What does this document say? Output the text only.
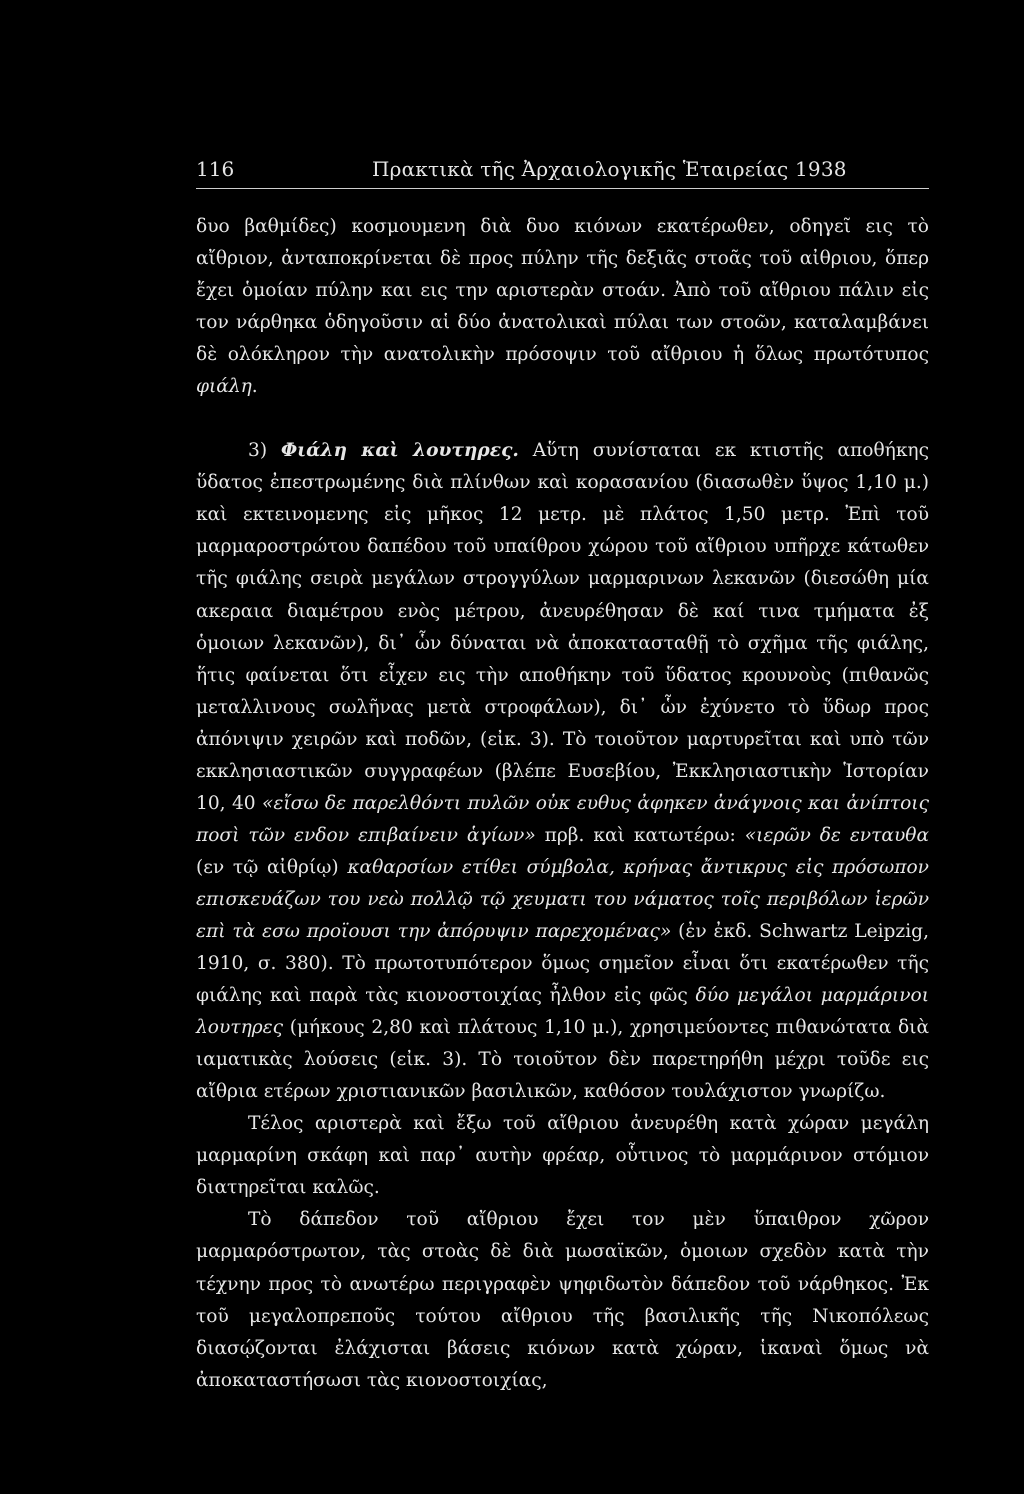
116	Πρακτικὰ τῆς Ἀρχαιολογικῆς Ἑταιρείας 1938

δυο βαθμίδες) κοσμουμενη διὰ δυο κιόνων εκατέρωθεν, οδηγεῖ εις τὸ αἴθριον, ἀνταποκρίνεται δὲ προς πύλην τῆς δεξιᾶς στοᾶς τοῦ αἰθριου, ὅπερ ἔχει ὁμοίαν πύλην και εις την αριστερὰν στοάν. Ἀπὸ τοῦ αἴθριου πάλιν εἰς τον νάρθηκα ὁδηγοῦσιν αἱ δύο ἀνατολικαὶ πύλαι των στοῶν, καταλαμβάνει δὲ ολόκληρον τὴν ανατολικὴν πρόσοψιν τοῦ αἴθριου ἡ ὅλως πρωτότυπος φιάλη.

3) Φιάλη καὶ λουτηρες. Αὕτη συνίσταται εκ κτιστῆς αποθήκης ὕδατος ἐπεστρωμένης διὰ πλίνθων καὶ κορασανίου (διασωθὲν ὕψος 1,10 μ.) καὶ εκτεινομενης εἰς μῆκος 12 μετρ. μὲ πλάτος 1,50 μετρ. Ἐπὶ τοῦ μαρμαροστρώτου δαπέδου τοῦ υπαίθρου χώρου τοῦ αἴθριου υπῆρχε κάτωθεν τῆς φιάλης σειρὰ μεγάλων στρογγύλων μαρμαρινων λεκανῶν (διεσώθη μία ακεραια διαμέτρου ενὸς μέτρου, ἀνευρέθησαν δὲ καί τινα τμήματα ἐξ ὁμοιων λεκανῶν), δι᾽ ὧν δύναται νὰ ἀποκατασταθῇ τὸ σχῆμα τῆς φιάλης, ἥτις φαίνεται ὅτι εἶχεν εις τὴν αποθήκην τοῦ ὕδατος κρουνοὺς (πιθανῶς μεταλλινους σωλῆνας μετὰ στροφάλων), δι᾽ ὧν ἐχύνετο τὸ ὕδωρ προς ἀπόνιψιν χειρῶν καὶ ποδῶν, (εἰκ. 3). Τὸ τοιοῦτον μαρτυρεῖται καὶ υπὸ τῶν εκκλησιαστικῶν συγγραφέων (βλέπε Ευσεβίου, Ἐκκλησιαστικὴν Ἱστορίαν 10, 40 «εἴσω δε παρελθόντι πυλῶν οὐκ ευθυς ἀφηκεν ἀνάγνοις και ἀνίπτοις ποσὶ τῶν ενδον επιβαίνειν ἁγίων» πρβ. καὶ κατωτέρω: «ιερῶν δε ενταυθα (εν τῷ αἰθρίῳ) καθαρσίων ετίθει σύμβολα, κρήνας ἄντικρυς εἰς πρόσωπον επισκευάζων του νεὼ πολλῷ τῷ χευματι του νάματος τοῖς περιβόλων ἱερῶν επὶ τὰ εσω προϊουσι την ἀπόρυψιν παρεχομένας» (ἐν ἐκδ. Schwartz Leipzig, 1910, σ. 380). Τὸ πρωτοτυπότερον ὅμως σημεῖον εἶναι ὅτι εκατέρωθεν τῆς φιάλης καὶ παρὰ τὰς κιονοστοιχίας ἦλθον εἰς φῶς δύο μεγάλοι μαρμάρινοι λουτηρες (μήκους 2,80 καὶ πλάτους 1,10 μ.), χρησιμεύοντες πιθανώτατα διὰ ιαματικὰς λούσεις (εἰκ. 3). Τὸ τοιοῦτον δὲν παρετηρήθη μέχρι τοῦδε εις αἴθρια ετέρων χριστιανικῶν βασιλικῶν, καθόσον τουλάχιστον γνωρίζω.

Τέλος αριστερὰ καὶ ἔξω τοῦ αἴθριου ἀνευρέθη κατὰ χώραν μεγάλη μαρμαρίνη σκάφη καὶ παρ᾽ αυτὴν φρέαρ, οὗτινος τὸ μαρμάρινον στόμιον διατηρεῖται καλῶς.

Τὸ δάπεδον τοῦ αἴθριου ἔχει τον μὲν ὕπαιθρον χῶρον μαρμαρόστρωτον, τὰς στοὰς δὲ διὰ μωσαϊκῶν, ὁμοιων σχεδὸν κατὰ τὴν τέχνην προς τὸ ανωτέρω περιγραφὲν ψηφιδωτὸν δάπεδον τοῦ νάρθηκος. Ἐκ τοῦ μεγαλοπρεποῦς τούτου αἴθριου τῆς βασιλικῆς τῆς Νικοπόλεως διασῴζονται ἐλάχισται βάσεις κιόνων κατὰ χώραν, ἱκαναὶ ὅμως νὰ ἀποκαταστήσωσι τὰς κιονοστοιχίας,
